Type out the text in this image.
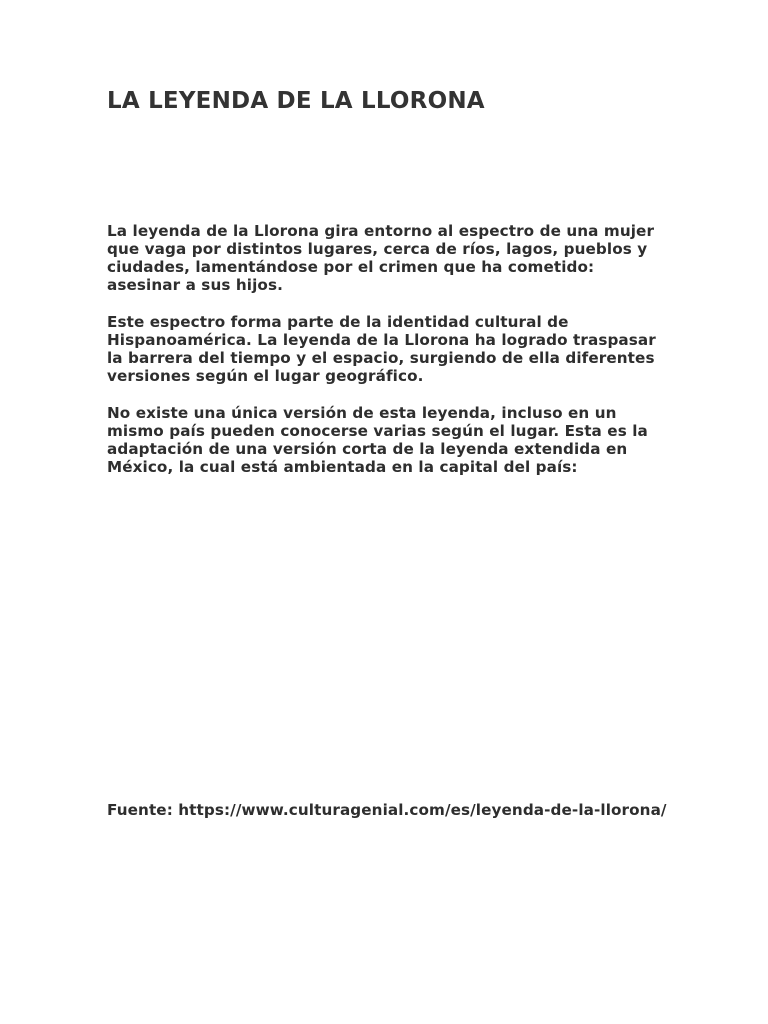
LA LEYENDA DE LA LLORONA

La leyenda de la Llorona gira entorno al espectro de una mujer que vaga por distintos lugares, cerca de ríos, lagos, pueblos y ciudades, lamentándose por el crimen que ha cometido: asesinar a sus hijos.

Este espectro forma parte de la identidad cultural de Hispanoamérica. La leyenda de la Llorona ha logrado traspasar la barrera del tiempo y el espacio, surgiendo de ella diferentes versiones según el lugar geográfico.

No existe una única versión de esta leyenda, incluso en un mismo país pueden conocerse varias según el lugar. Esta es la adaptación de una versión corta de la leyenda extendida en México, la cual está ambientada en la capital del país:

Fuente: https://www.culturagenial.com/es/leyenda-de-la-llorona/
